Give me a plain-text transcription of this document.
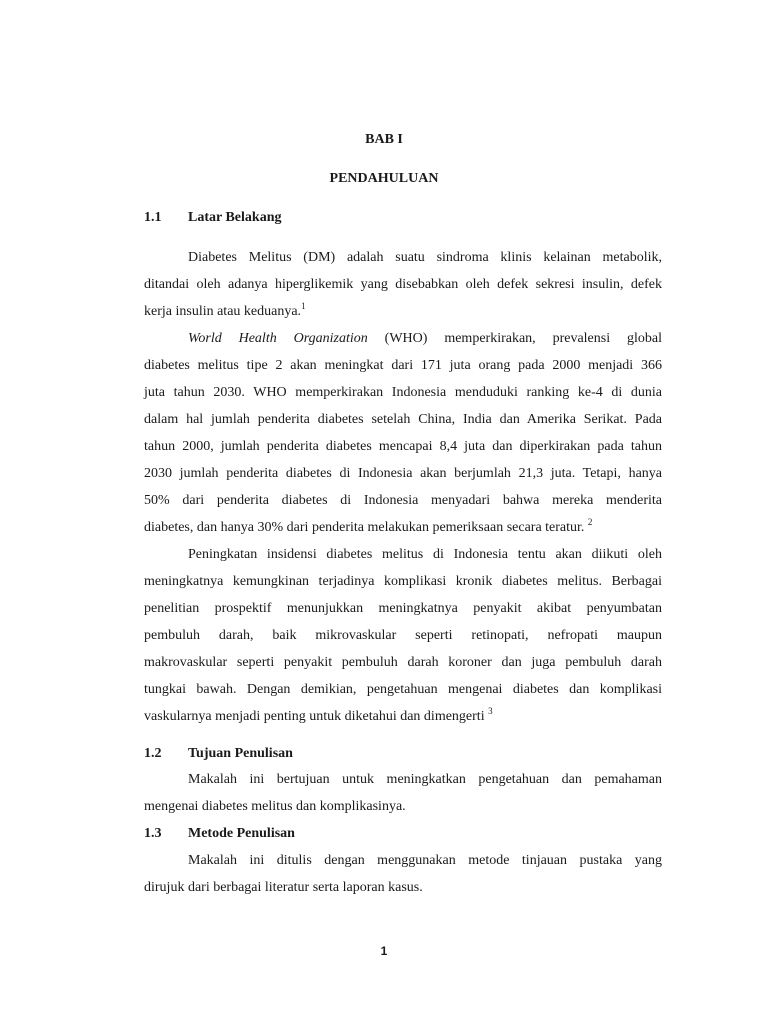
BAB I
PENDAHULUAN
1.1 Latar Belakang
Diabetes Melitus (DM) adalah suatu sindroma klinis kelainan metabolik,
ditandai oleh adanya hiperglikemik yang disebabkan oleh defek sekresi insulin, defek
kerja insulin atau keduanya.$^1$
World Health Organization (WHO) memperkirakan, prevalensi global
diabetes melitus tipe 2 akan meningkat dari 171 juta orang pada 2000 menjadi 366
juta tahun 2030. WHO memperkirakan Indonesia menduduki ranking ke-4 di dunia
dalam hal jumlah penderita diabetes setelah China, India dan Amerika Serikat. Pada
tahun 2000, jumlah penderita diabetes mencapai 8,4 juta dan diperkirakan pada tahun
2030 jumlah penderita diabetes di Indonesia akan berjumlah 21,3 juta. Tetapi, hanya
50% dari penderita diabetes di Indonesia menyadari bahwa mereka menderita
diabetes, dan hanya 30% dari penderita melakukan pemeriksaan secara teratur. $^2$
Peningkatan insidensi diabetes melitus di Indonesia tentu akan diikuti oleh
meningkatnya kemungkinan terjadinya komplikasi kronik diabetes melitus. Berbagai
penelitian prospektif menunjukkan meningkatnya penyakit akibat penyumbatan
pembuluh darah, baik mikrovaskular seperti retinopati, nefropati maupun
makrovaskular seperti penyakit pembuluh darah koroner dan juga pembuluh darah
tungkai bawah. Dengan demikian, pengetahuan mengenai diabetes dan komplikasi
vaskularnya menjadi penting untuk diketahui dan dimengerti $^3$
1.2 Tujuan Penulisan
Makalah ini bertujuan untuk meningkatkan pengetahuan dan pemahaman
mengenai diabetes melitus dan komplikasinya.
1.3 Metode Penulisan
Makalah ini ditulis dengan menggunakan metode tinjauan pustaka yang
dirujuk dari berbagai literatur serta laporan kasus.
1
